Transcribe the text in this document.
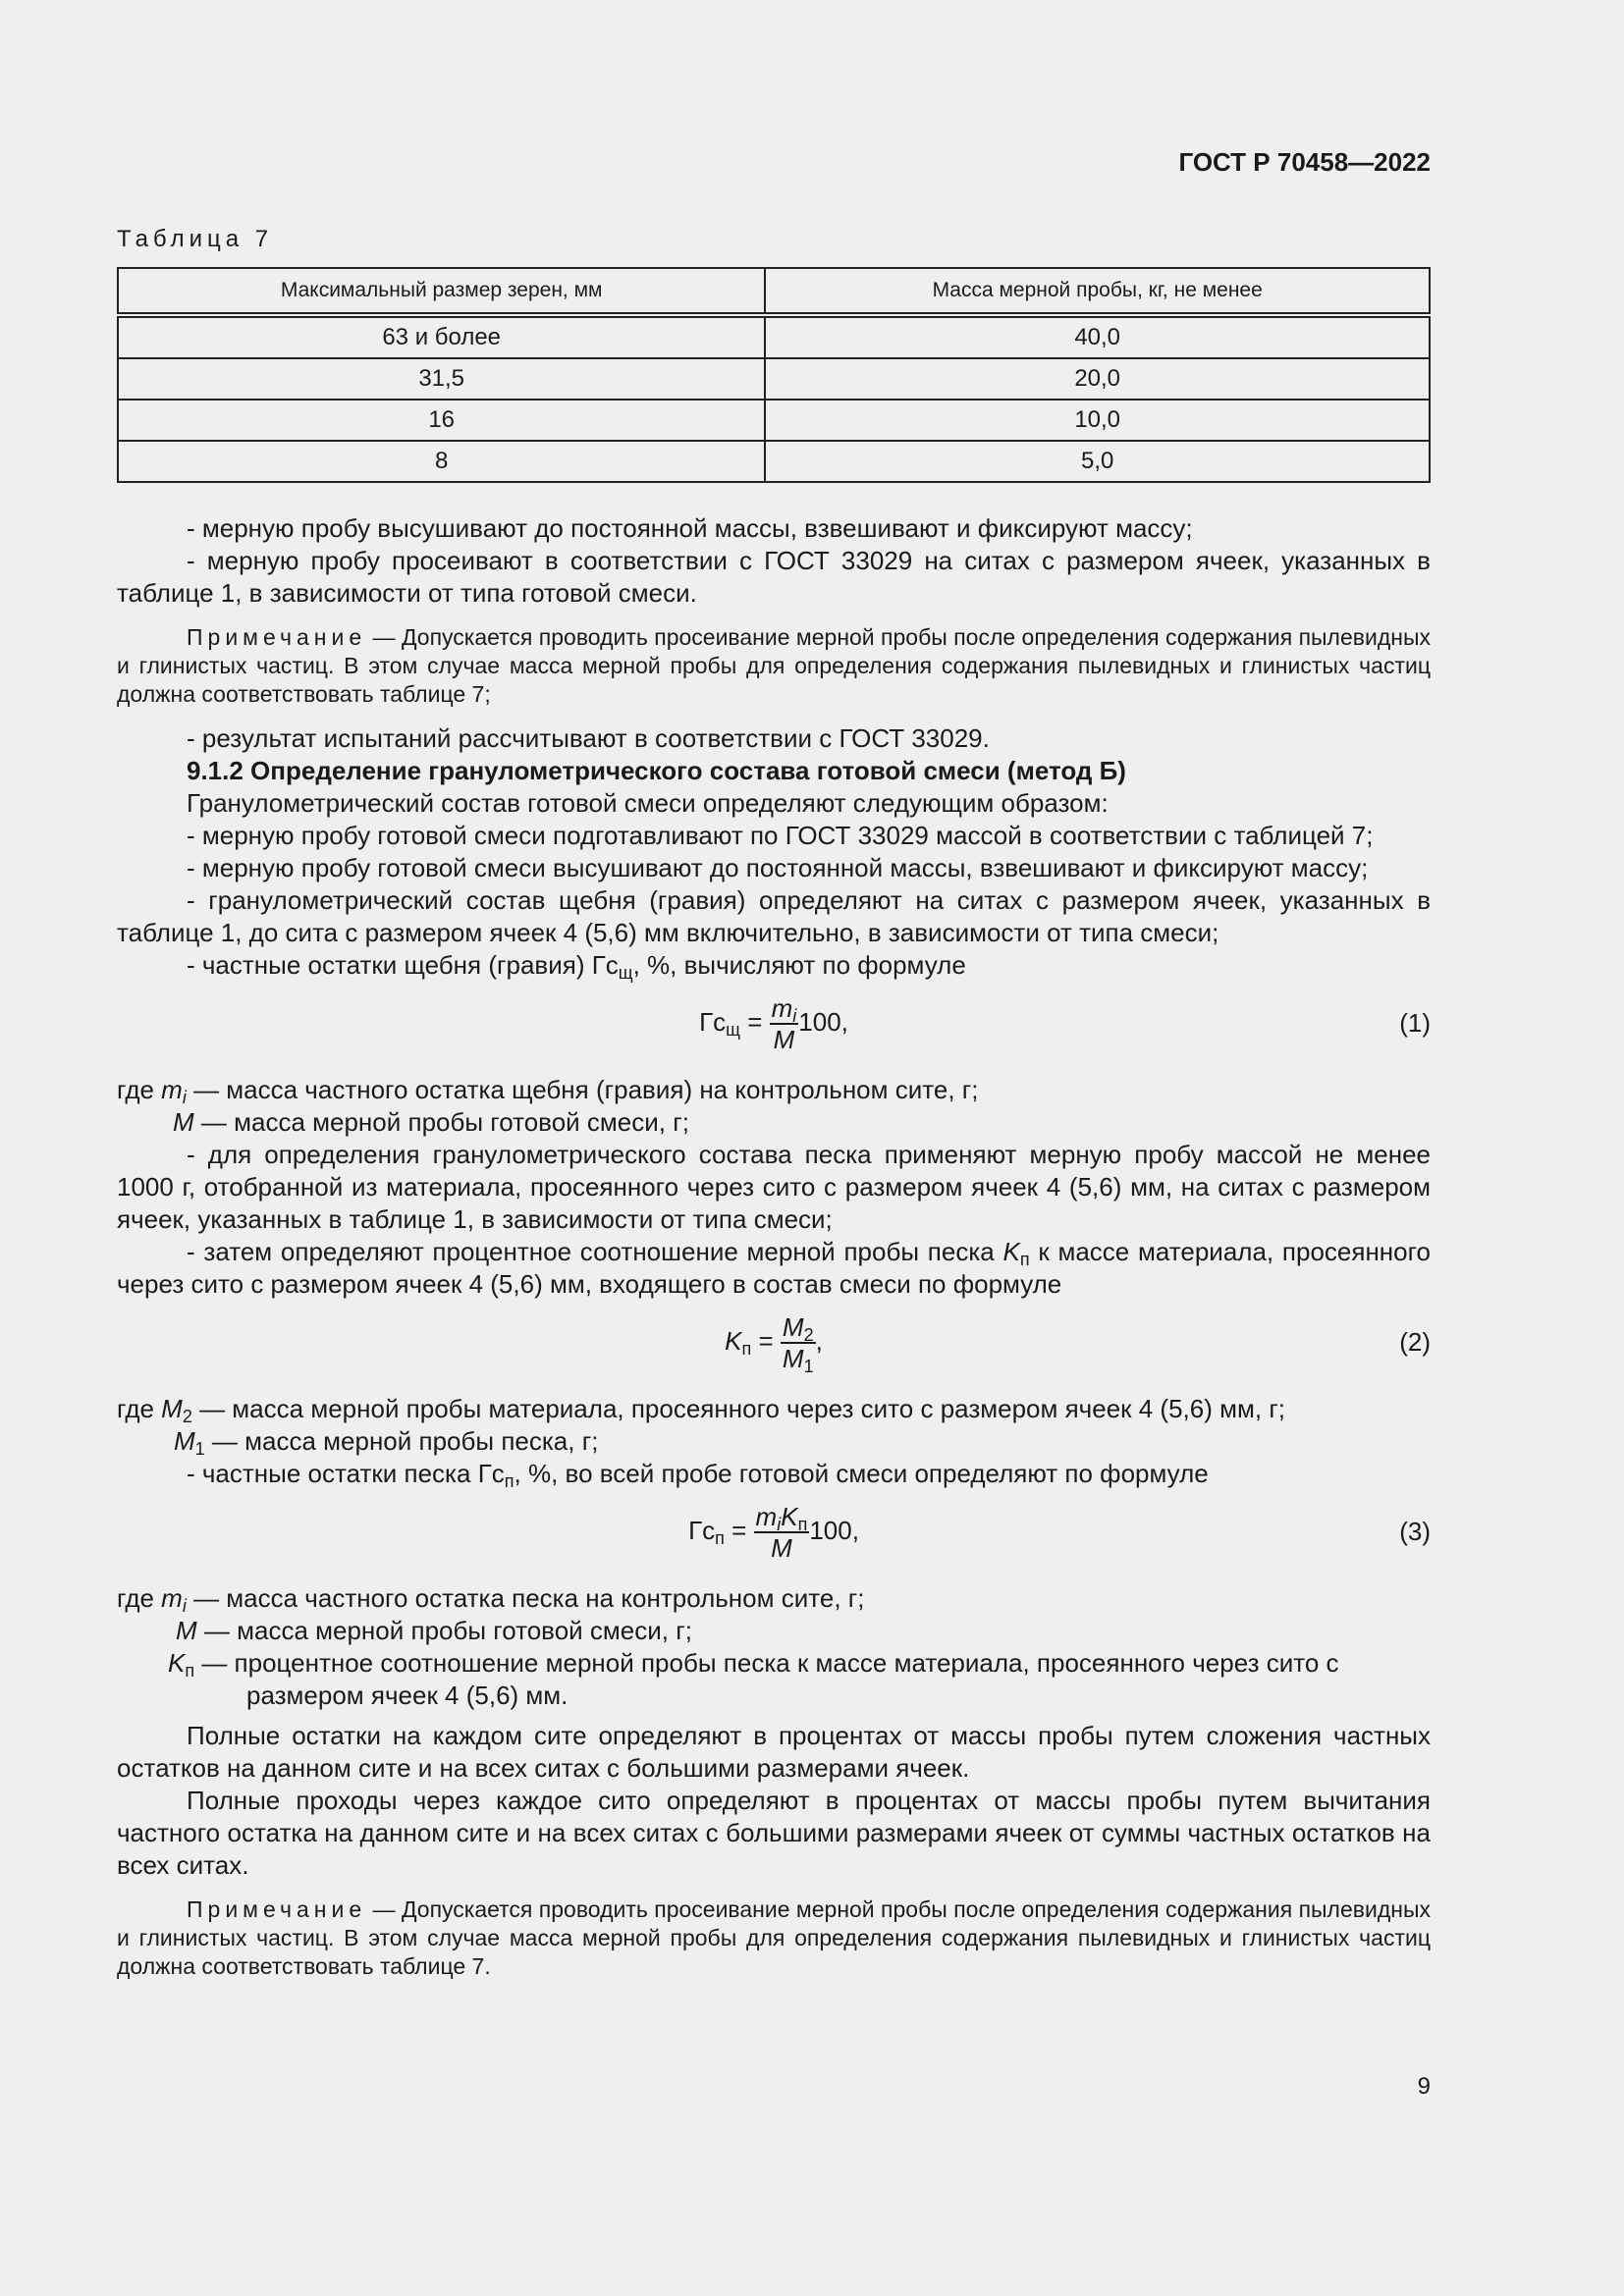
ГОСТ Р 70458—2022
Таблица 7
Максимальный размер зерен, мм	Масса мерной пробы, кг, не менее
63 и более	40,0
31,5	20,0
16	10,0
8	5,0

- мерную пробу высушивают до постоянной массы, взвешивают и фиксируют массу;

- мерную пробу просеивают в соответствии с ГОСТ 33029 на ситах с размером ячеек, указанных в таблице 1, в зависимости от типа готовой смеси.

Примечание — Допускается проводить просеивание мерной пробы после определения содержания пылевидных и глинистых частиц. В этом случае масса мерной пробы для определения содержания пылевидных и глинистых частиц должна соответствовать таблице 7;

- результат испытаний рассчитывают в соответствии с ГОСТ 33029.

9.1.2 Определение гранулометрического состава готовой смеси (метод Б)

Гранулометрический состав готовой смеси определяют следующим образом:

- мерную пробу готовой смеси подготавливают по ГОСТ 33029 массой в соответствии с таблицей 7;

- мерную пробу готовой смеси высушивают до постоянной массы, взвешивают и фиксируют массу;

- гранулометрический состав щебня (гравия) определяют на ситах с размером ячеек, указанных в таблице 1, до сита с размером ячеек 4 (5,6) мм включительно, в зависимости от типа смеси;

- частные остатки щебня (гравия) $Гс_щ$, %, вычисляют по формуле

$Гс_щ = \frac{m_i}{M} 100$,	(1)
где $m_i$ — масса частного остатка щебня (гравия) на контрольном сите, г;
M — масса мерной пробы готовой смеси, г;

- для определения гранулометрического состава песка применяют мерную пробу массой не менее 1000 г, отобранной из материала, просеянного через сито с размером ячеек 4 (5,6) мм, на ситах с размером ячеек, указанных в таблице 1, в зависимости от типа смеси;

- затем определяют процентное соотношение мерной пробы песка $K_п$ к массе материала, просеянного через сито с размером ячеек 4 (5,6) мм, входящего в состав смеси по формуле

$K_п = \frac{M_2}{M_1}$ ,	(2)
где $M_2$ — масса мерной пробы материала, просеянного через сито с размером ячеек 4 (5,6) мм, г;
$M_1$ — масса мерной пробы песка, г;

- частные остатки песка $Гс_п$, %, во всей пробе готовой смеси определяют по формуле

$Гс_п = \frac{m_iK_п}{M} 100$,	(3)
где $m_i$ — масса частного остатка песка на контрольном сите, г;
M — масса мерной пробы готовой смеси, г;
$K_п$ — процентное соотношение мерной пробы песка к массе материала, просеянного через сито с

размером ячеек 4 (5,6) мм.

Полные остатки на каждом сите определяют в процентах от массы пробы путем сложения частных остатков на данном сите и на всех ситах с большими размерами ячеек.

Полные проходы через каждое сито определяют в процентах от массы пробы путем вычитания частного остатка на данном сите и на всех ситах с большими размерами ячеек от суммы частных остатков на всех ситах.

Примечание — Допускается проводить просеивание мерной пробы после определения содержания пылевидных и глинистых частиц. В этом случае масса мерной пробы для определения содержания пылевидных и глинистых частиц должна соответствовать таблице 7.

9
